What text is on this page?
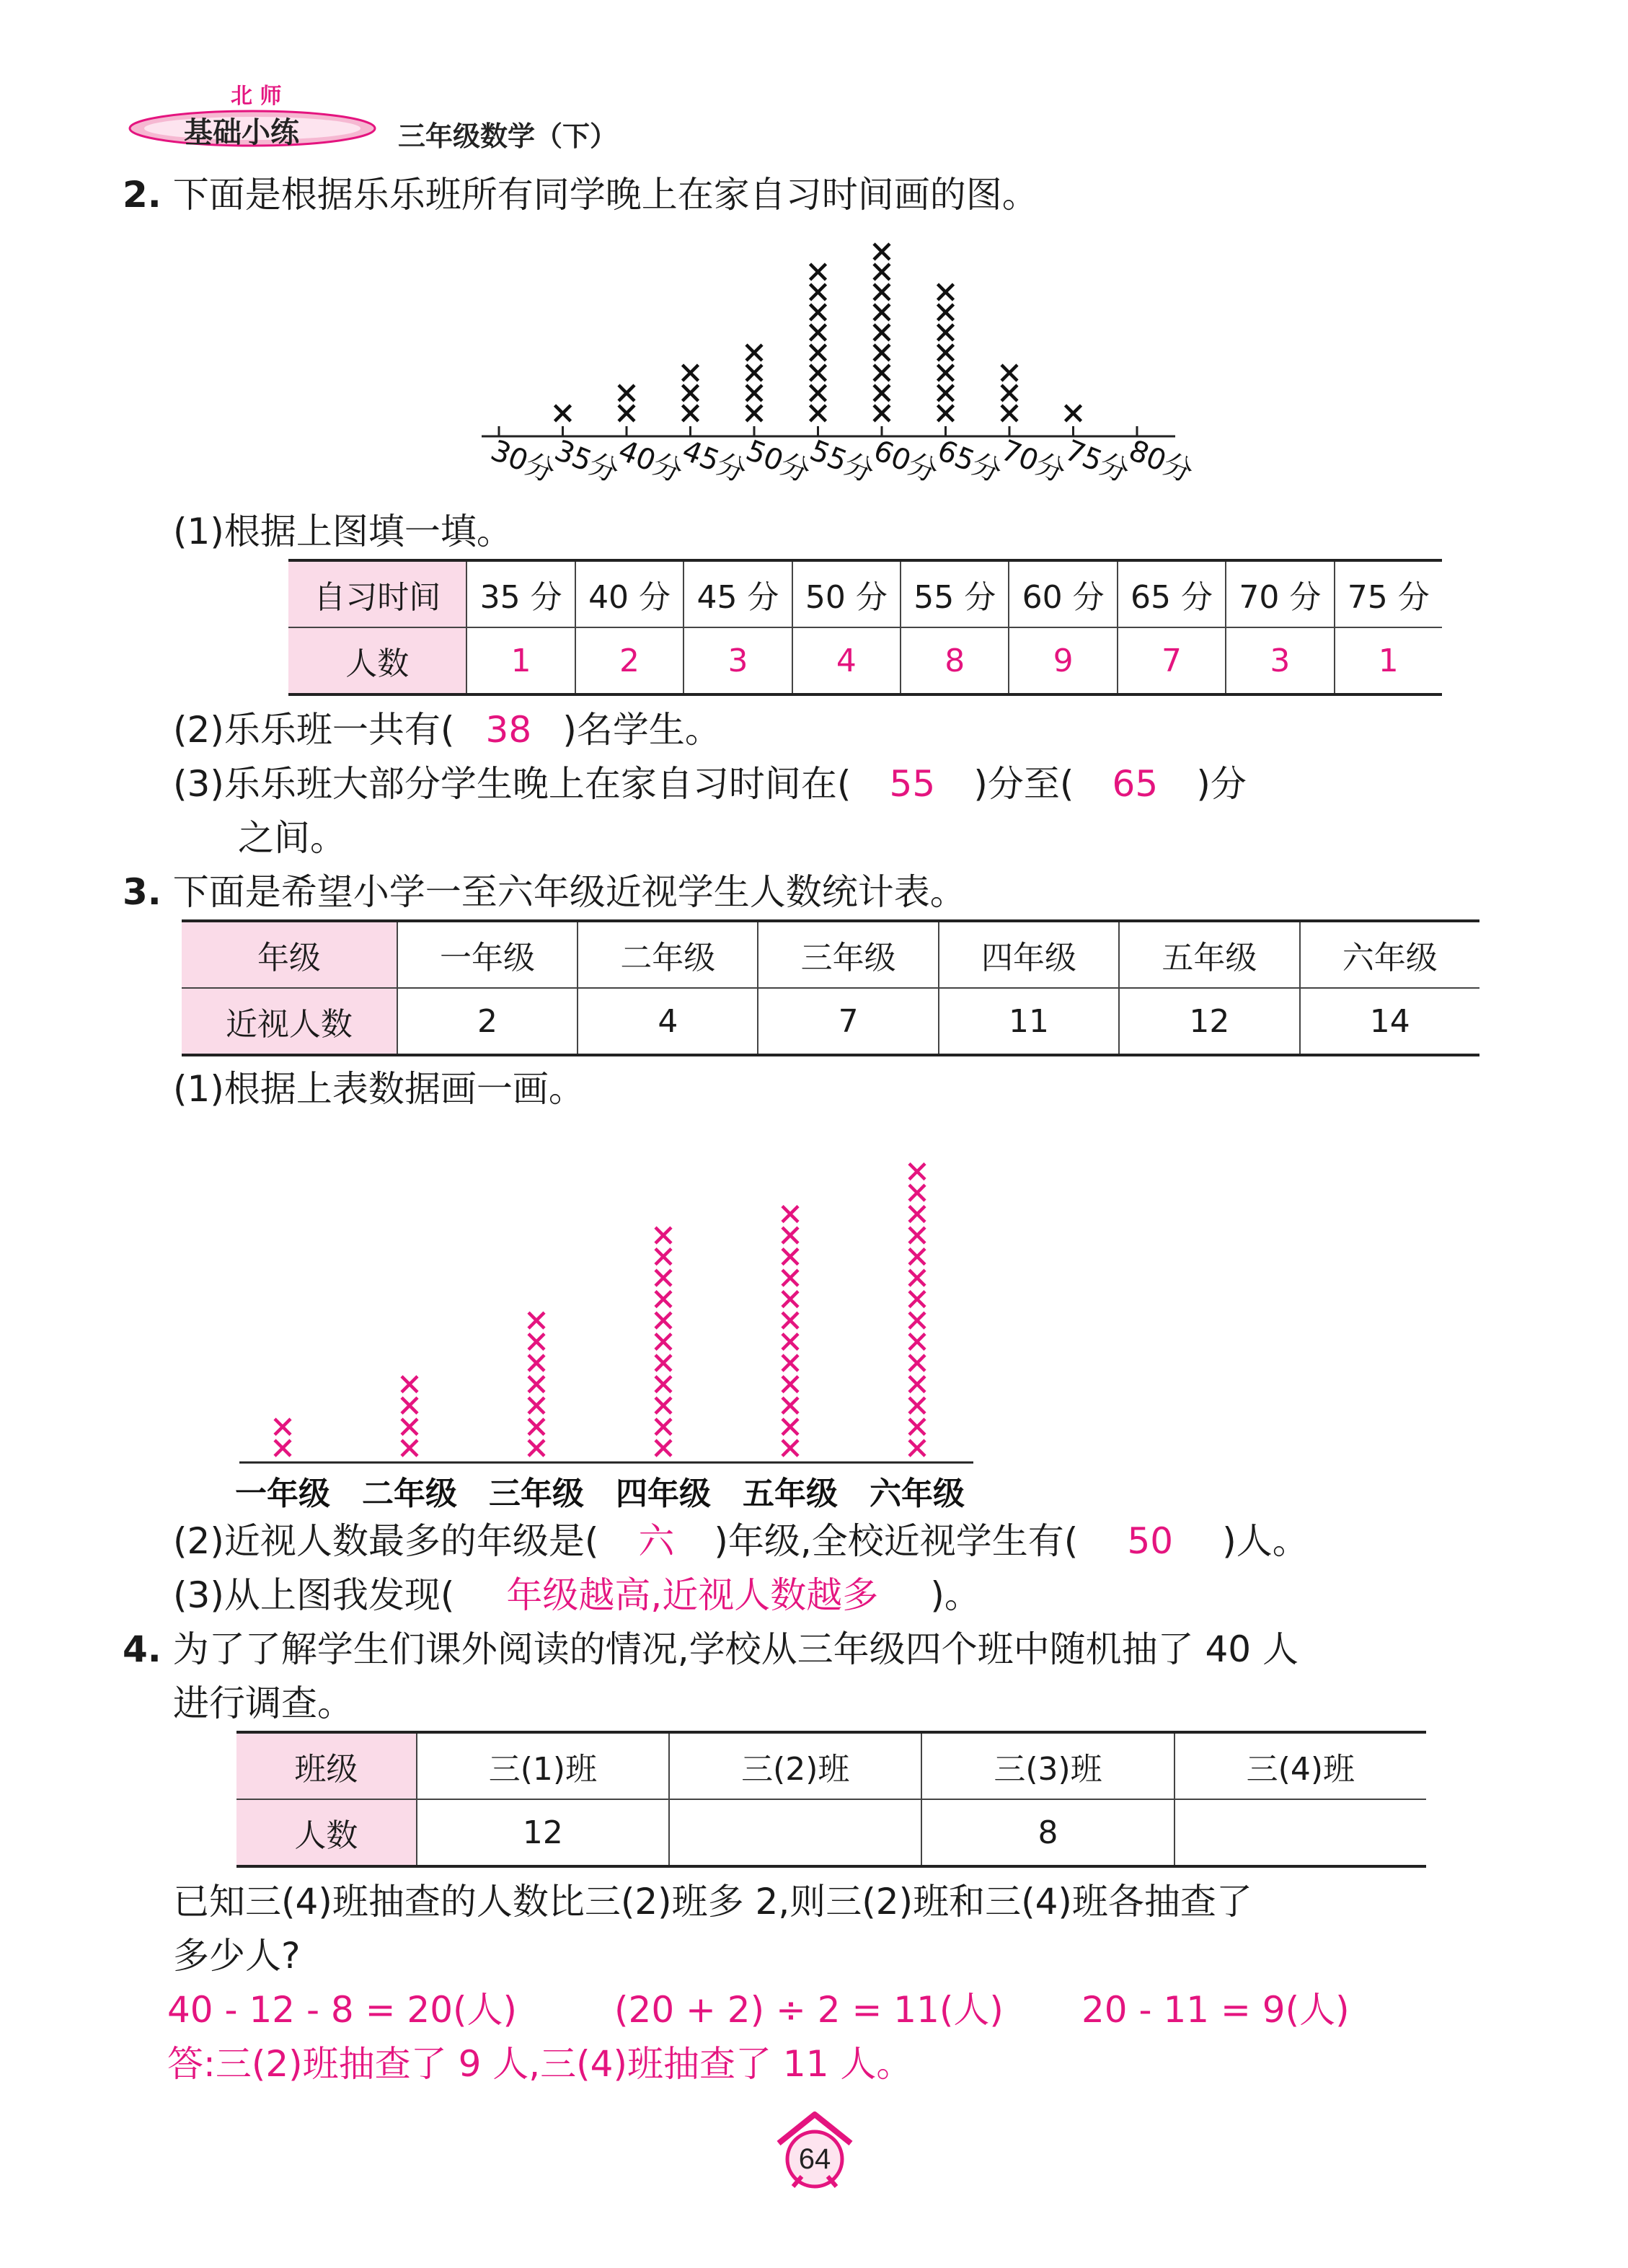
北 师
基础小练	三年级数学（下）
2. 下面是根据乐乐班所有同学晚上在家自习时间画的图。
30分
35分
40分
45分
50分
55分
60分
65分
70分
75分
80分
(1)根据上图填一填。
自习时间	35 分	40 分	45 分	50 分	55 分	60 分	65 分	70 分	75 分
人数	1	2	3	4	8	9	7	3	1
(2)乐乐班一共有( 38 )名学生。
(3)乐乐班大部分学生晚上在家自习时间在( 55 )分至( 65 )分
之间。
3. 下面是希望小学一至六年级近视学生人数统计表。
年级	一年级	二年级	三年级	四年级	五年级	六年级
近视人数	2	4	7	11	12	14
(1)根据上表数据画一画。
一年级 二年级 三年级 四年级 五年级 六年级
(2)近视人数最多的年级是( 六 )年级,全校近视学生有( 50 )人。
(3)从上图我发现( 年级越高,近视人数越多 )。
4. 为了了解学生们课外阅读的情况,学校从三年级四个班中随机抽了 40 人
进行调查。
班级	三(1)班	三(2)班	三(3)班	三(4)班
人数	12		8	
已知三(4)班抽查的人数比三(2)班多 2,则三(2)班和三(4)班各抽查了
多少人?
40 - 12 - 8 = 20(人)	(20 + 2) ÷ 2 = 11(人) 20 - 11 = 9(人)
答:三(2)班抽查了 9 人,三(4)班抽查了 11 人。
64
